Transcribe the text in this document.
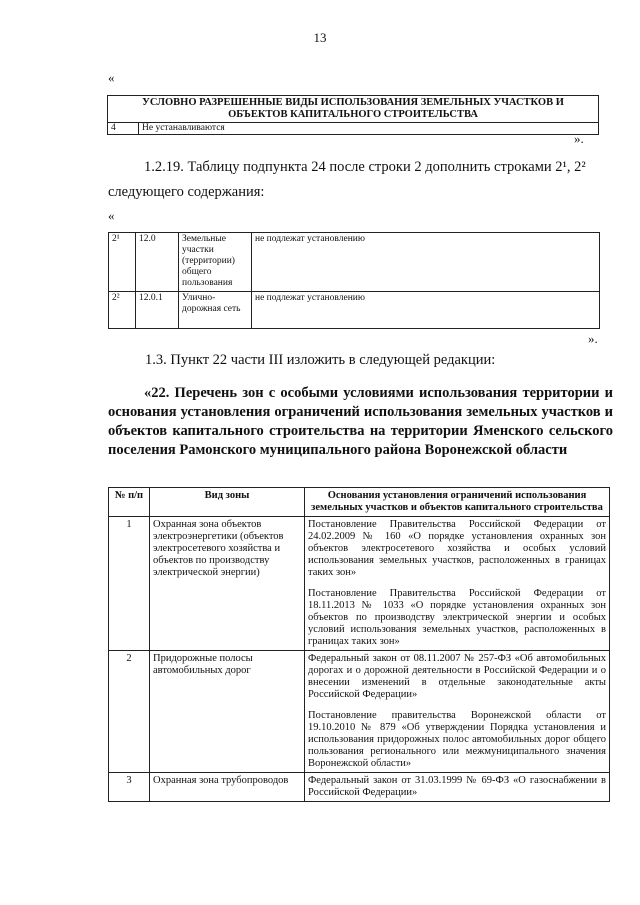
13
«
УСЛОВНО РАЗРЕШЕННЫЕ ВИДЫ ИСПОЛЬЗОВАНИЯ ЗЕМЕЛЬНЫХ УЧАСТКОВ И ОБЪЕКТОВ КАПИТАЛЬНОГО СТРОИТЕЛЬСТВА
4	Не устанавливаются
».
1.2.19. Таблицу подпункта 24 после строки 2 дополнить строками 2¹, 2² следующего содержания:
«
2¹	12.0	Земельные участки (территории) общего пользования	не подлежат установлению
2²	12.0.1	Улично-дорожная сеть	не подлежат установлению
».
1.3. Пункт 22 части III изложить в следующей редакции:
«22. Перечень зон с особыми условиями использования территории и основания установления ограничений использования земельных участков и объектов капитального строительства на территории Яменского сельского поселения Рамонского муниципального района Воронежской области
№ п/п	Вид зоны	Основания установления ограничений использования земельных участков и объектов капитального строительства
1	Охранная зона объектов электроэнергетики (объектов электросетевого хозяйства и объектов по производству электрической энергии)	Постановление Правительства Российской Федерации от 24.02.2009 № 160 «О порядке установления охранных зон объектов электросетевого хозяйства и особых условий использования земельных участков, расположенных в границах таких зон»
Постановление Правительства Российской Федерации от 18.11.2013 № 1033 «О порядке установления охранных зон объектов по производству электрической энергии и особых условий использования земельных участков, расположенных в границах таких зон»

2	Придорожные полосы автомобильных дорог	Федеральный закон от 08.11.2007 № 257-ФЗ «Об автомобильных дорогах и о дорожной деятельности в Российской Федерации и о внесении изменений в отдельные законодательные акты Российской Федерации»
Постановление правительства Воронежской области от 19.10.2010 № 879 «Об утверждении Порядка установления и использования придорожных полос автомобильных дорог общего пользования регионального или межмуниципального значения Воронежской области»

3	Охранная зона трубопроводов	Федеральный закон от 31.03.1999 № 69-ФЗ «О газоснабжении в Российской Федерации»
